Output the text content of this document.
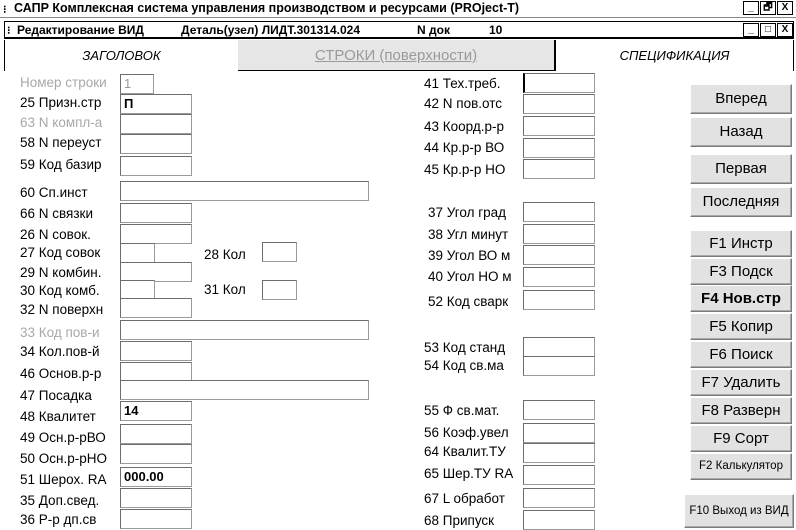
⁝ САПР Комплексная система управления производством и ресурсами (PROject-T)	_ 🗗 X
⁝ Редактирование ВИД	Деталь(узел) ЛИДТ.301314.024	N док	10	_	□	X
ЗАГОЛОВОК	СТРОКИ (поверхности)	СПЕЦИФИКАЦИЯ
Номер строки	1
25 Призн.стр	П
63 N компл-а
58 N переуст
59 Код базир
60 Сп.инст
66 N связки
26 N совок.
27 Код совок	28 Кол
29 N комбин.
30 Код комб.	31 Кол
32 N поверхн
33 Код пов-и
34 Кол.пов-й
46 Основ.р-р
47 Посадка
48 Квалитет	14
49 Осн.р-рВО
50 Осн.р-рНО
51 Шерох. RA	000.00
35 Доп.свед.
36 Р-р дп.св
41 Тех.треб.
42 N пов.отс
43 Коорд.р-р
44 Кр.р-р ВО
45 Кр.р-р НО
37 Угол град
38 Угл минут
39 Угол ВО м
40 Угол НО м
52 Код сварк
53 Код станд
54 Код св.ма
55 Ф св.мат.
56 Коэф.увел
64 Квалит.ТУ
65 Шер.ТУ RA
67 L обработ
68 Припуск
Вперед
Назад
Первая
Последняя
F1 Инстр
F3 Подск
F4 Нов.стр
F5 Копир
F6 Поиск
F7 Удалить
F8 Разверн
F9 Сорт
F2 Калькулятор
F10 Выход из ВИД
